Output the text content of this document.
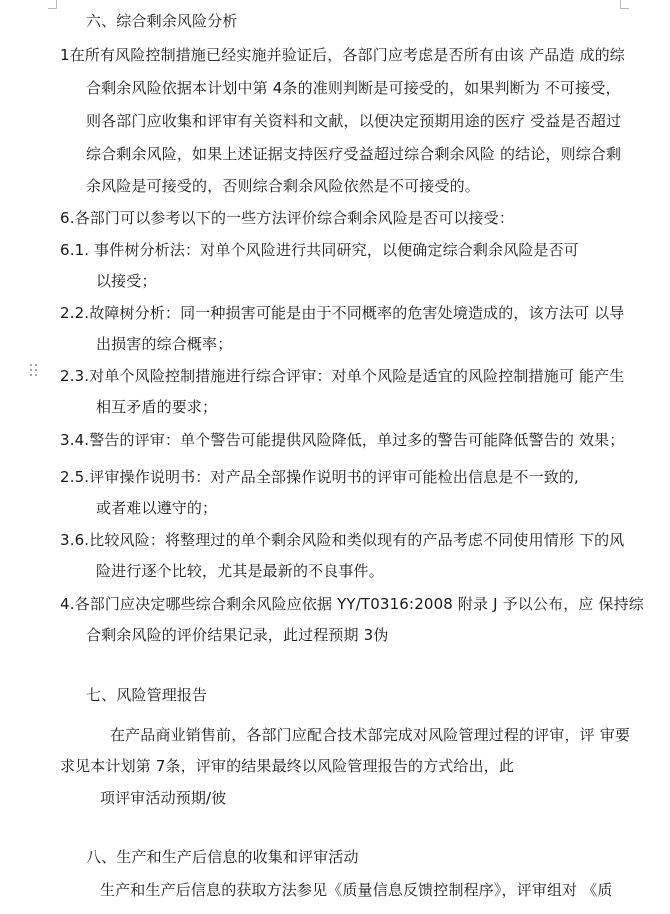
六、综合剩余风险分析
1在所有风险控制措施已经实施并验证后，各部门应考虑是否所有由该 产品造 成的综
合剩余风险依据本计划中第 4条的准则判断是可接受的，如果判断为 不可接受，
则各部门应收集和评审有关资料和文献，以便决定预期用途的医疗 受益是否超过
综合剩余风险，如果上述证据支持医疗受益超过综合剩余风险 的结论，则综合剩
余风险是可接受的，否则综合剩余风险依然是不可接受的。
6.各部门可以参考以下的一些方法评价综合剩余风险是否可以接受：
6.1. 事件树分析法：对单个风险进行共同研究，以便确定综合剩余风险是否可
以接受；
2.2.故障树分析：同一种损害可能是由于不同概率的危害处境造成的，该方法可 以导
出损害的综合概率；
2.3.对单个风险控制措施进行综合评审：对单个风险是适宜的风险控制措施可 能产生
相互矛盾的要求；
3.4.警告的评审：单个警告可能提供风险降低，单过多的警告可能降低警告的 效果；
2.5.评审操作说明书：对产品全部操作说明书的评审可能检出信息是不一致的,
或者难以遵守的；
3.6.比较风险：将整理过的单个剩余风险和类似现有的产品考虑不同使用情形 下的风
险进行逐个比较，尤其是最新的不良事件。
4.各部门应决定哪些综合剩余风险应依据 YY/T0316:2008 附录 J 予以公布，应 保持综
合剩余风险的评价结果记录，此过程预期 3伪
七、风险管理报告
在产品商业销售前，各部门应配合技术部完成对风险管理过程的评审，评 审要
求见本计划第 7条，评审的结果最终以风险管理报告的方式给出，此
项评审活动预期/彼
八、生产和生产后信息的收集和评审活动
生产和生产后信息的获取方法参见《质量信息反馈控制程序》，评审组对 《质
